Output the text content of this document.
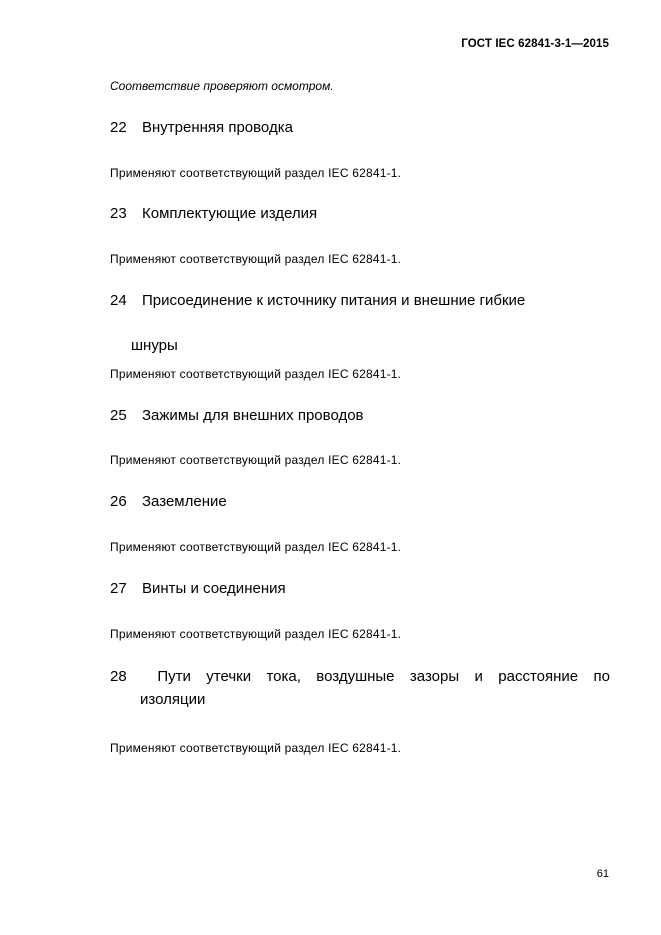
ГОСТ IEC 62841-3-1—2015
Соответствие проверяют осмотром.
22 Внутренняя проводка
Применяют соответствующий раздел IEC 62841-1.
23 Комплектующие изделия
Применяют соответствующий раздел IEC 62841-1.
24 Присоединение к источнику питания и внешние гибкие
шнуры
Применяют соответствующий раздел IEC 62841-1.
25 Зажимы для внешних проводов
Применяют соответствующий раздел IEC 62841-1.
26 Заземление
Применяют соответствующий раздел IEC 62841-1.
27 Винты и соединения
Применяют соответствующий раздел IEC 62841-1.
28	Пути утечки тока, воздушные зазоры и расстояние по
изоляции
Применяют соответствующий раздел IEC 62841-1.
61
